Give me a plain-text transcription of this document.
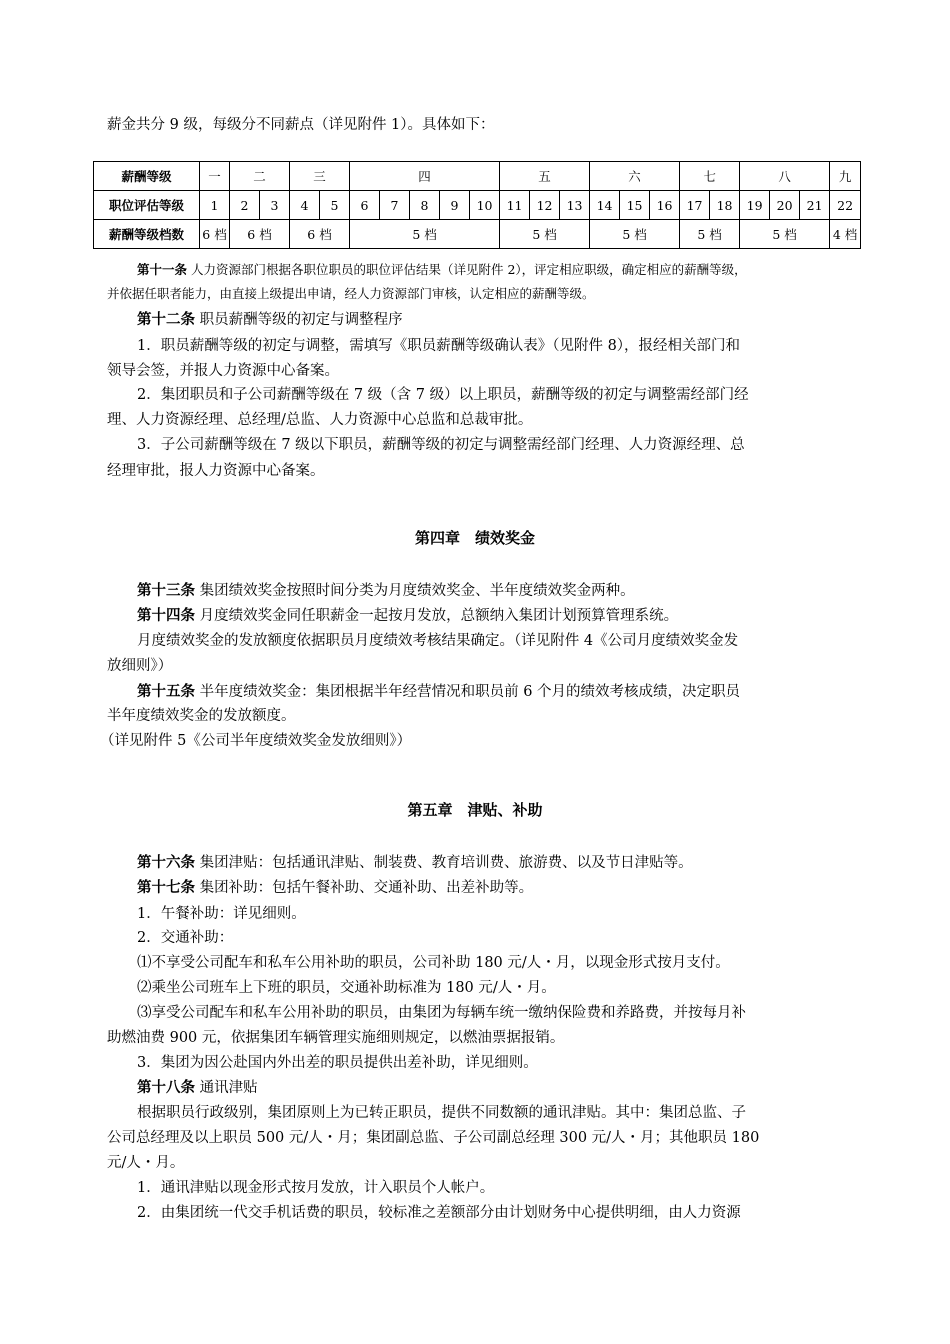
薪金共分 9 级，每级分不同薪点（详见附件 1）。具体如下：
薪酬等级	一	二		三		四					五			六			七		八			九
职位评估等级	1	2	3	4	5	6	7	8	9	10	11	12	13	14	15	16	17	18	19	20	21	22
薪酬等级档数	6 档	6 档		6 档		5 档					5 档			5 档			5 档		5 档			4 档
第十一条 人力资源部门根据各职位职员的职位评估结果（详见附件 2），评定相应职级，确定相应的薪酬等级，
并依据任职者能力，由直接上级提出申请，经人力资源部门审核，认定相应的薪酬等级。
第十二条 职员薪酬等级的初定与调整程序
1．职员薪酬等级的初定与调整，需填写《职员薪酬等级确认表》（见附件 8），报经相关部门和
领导会签，并报人力资源中心备案。
2．集团职员和子公司薪酬等级在 7 级（含 7 级）以上职员，薪酬等级的初定与调整需经部门经
理、人力资源经理、总经理/总监、人力资源中心总监和总裁审批。
3．子公司薪酬等级在 7 级以下职员，薪酬等级的初定与调整需经部门经理、人力资源经理、总
经理审批，报人力资源中心备案。
第四章　绩效奖金
第十三条 集团绩效奖金按照时间分类为月度绩效奖金、半年度绩效奖金两种。
第十四条 月度绩效奖金同任职薪金一起按月发放，总额纳入集团计划预算管理系统。
月度绩效奖金的发放额度依据职员月度绩效考核结果确定。（详见附件 4《公司月度绩效奖金发
放细则》）
第十五条 半年度绩效奖金：集团根据半年经营情况和职员前 6 个月的绩效考核成绩，决定职员
半年度绩效奖金的发放额度。
（详见附件 5《公司半年度绩效奖金发放细则》）
第五章　津贴、补助
第十六条 集团津贴：包括通讯津贴、制装费、教育培训费、旅游费、以及节日津贴等。
第十七条 集团补助：包括午餐补助、交通补助、出差补助等。
1．午餐补助：详见细则。
2．交通补助：
⑴不享受公司配车和私车公用补助的职员，公司补助 180 元/人・月，以现金形式按月支付。
⑵乘坐公司班车上下班的职员，交通补助标准为 180 元/人・月。
⑶享受公司配车和私车公用补助的职员，由集团为每辆车统一缴纳保险费和养路费，并按每月补
助燃油费 900 元，依据集团车辆管理实施细则规定，以燃油票据报销。
3．集团为因公赴国内外出差的职员提供出差补助，详见细则。
第十八条 通讯津贴
根据职员行政级别，集团原则上为已转正职员，提供不同数额的通讯津贴。其中：集团总监、子
公司总经理及以上职员 500 元/人・月；集团副总监、子公司副总经理 300 元/人・月；其他职员 180
元/人・月。
1．通讯津贴以现金形式按月发放，计入职员个人帐户。
2．由集团统一代交手机话费的职员，较标准之差额部分由计划财务中心提供明细，由人力资源
